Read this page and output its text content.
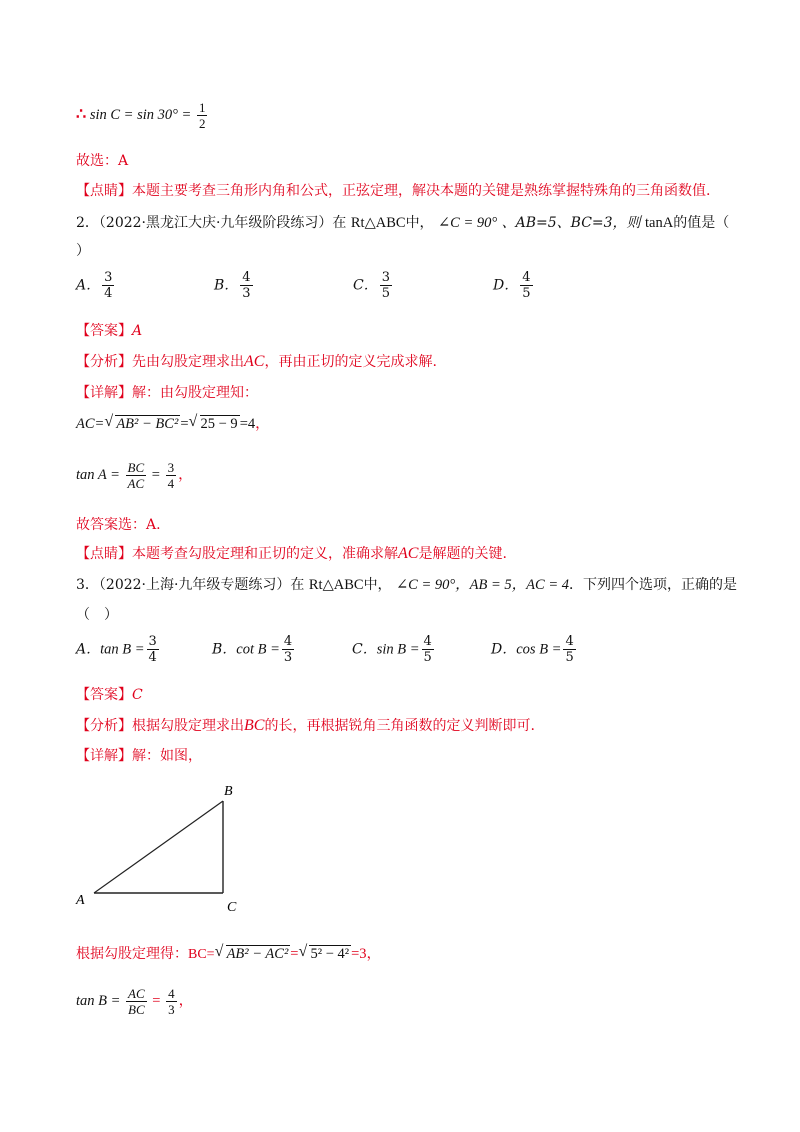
∴ $\sin C = \sin 30^\circ = \frac{1}{2}$
故选：A
【点睛】本题主要考查三角形内角和公式，正弦定理，解决本题的关键是熟练掌握特殊角的三角函数值.
2．（2022·黑龙江大庆·九年级阶段练习）在 Rt△ABC中， ∠C = 90° 、AB=5、BC=3，则 tanA的值是（
）
A． $\frac{3}{4}$	B． $\frac{4}{3}$	C． $\frac{3}{5}$	D． $\frac{4}{5}$
【答案】A
【分析】先由勾股定理求出AC，再由正切的定义完成求解.
【详解】解：由勾股定理知：
AC= √ AB² − BC² = √ 25 − 9 =4，
$\tan A = \frac{BC}{AC} = \frac{3}{4}$ ，
故答案选：A.
【点睛】本题考查勾股定理和正切的定义，准确求解AC是解题的关键.
3．（2022·上海·九年级专题练习）在 Rt△ABC中， ∠C = 90°，AB = 5，AC = 4．下列四个选项，正确的是
（　）
A．$\tan B = \frac{3}{4}$	B．$\cot B = \frac{4}{3}$	C．$\sin B = \frac{4}{5}$	D．$\cos B = \frac{4}{5}$
【答案】C
【分析】根据勾股定理求出BC的长，再根据锐角三角函数的定义判断即可.
【详解】解：如图，
A
B
C
根据勾股定理得：BC= √ AB² − AC² = √ 5² − 4² =3，
$\tan B = \frac{AC}{BC} = \frac{4}{3}$ ，
